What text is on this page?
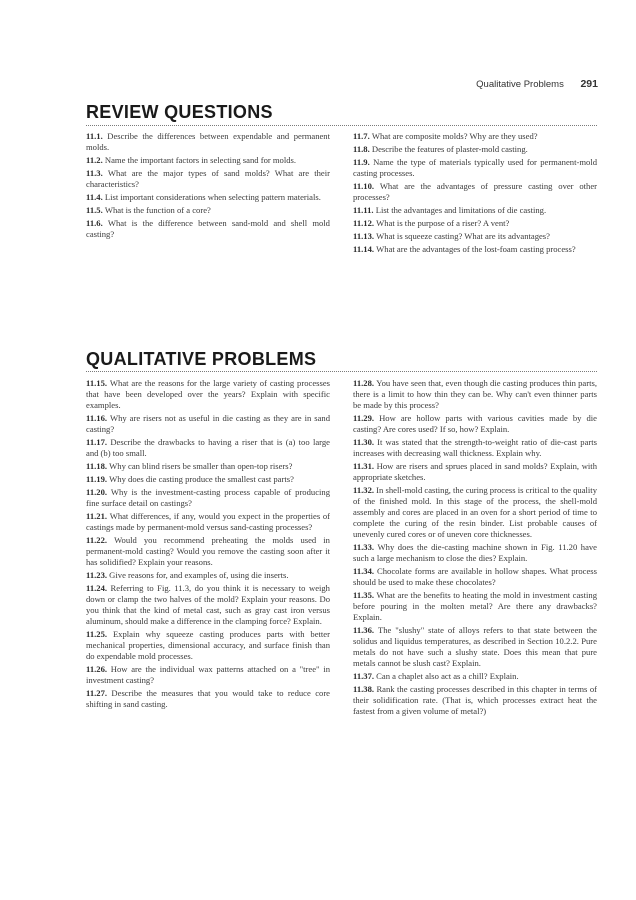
Qualitative Problems 291
REVIEW QUESTIONS

11.1. Describe the differences between expendable and permanent molds.

11.2. Name the important factors in selecting sand for molds.

11.3. What are the major types of sand molds? What are their characteristics?

11.4. List important considerations when selecting pattern materials.

11.5. What is the function of a core?

11.6. What is the difference between sand-mold and shell mold casting?

11.7. What are composite molds? Why are they used?

11.8. Describe the features of plaster-mold casting.

11.9. Name the type of materials typically used for permanent-mold casting processes.

11.10. What are the advantages of pressure casting over other processes?

11.11. List the advantages and limitations of die casting.

11.12. What is the purpose of a riser? A vent?

11.13. What is squeeze casting? What are its advantages?

11.14. What are the advantages of the lost-foam casting process?

QUALITATIVE PROBLEMS

11.15. What are the reasons for the large variety of casting processes that have been developed over the years? Explain with specific examples.

11.16. Why are risers not as useful in die casting as they are in sand casting?

11.17. Describe the drawbacks to having a riser that is (a) too large and (b) too small.

11.18. Why can blind risers be smaller than open-top risers?

11.19. Why does die casting produce the smallest cast parts?

11.20. Why is the investment-casting process capable of producing fine surface detail on castings?

11.21. What differences, if any, would you expect in the properties of castings made by permanent-mold versus sand-casting processes?

11.22. Would you recommend preheating the molds used in permanent-mold casting? Would you remove the casting soon after it has solidified? Explain your reasons.

11.23. Give reasons for, and examples of, using die inserts.

11.24. Referring to Fig. 11.3, do you think it is necessary to weigh down or clamp the two halves of the mold? Explain your reasons. Do you think that the kind of metal cast, such as gray cast iron versus aluminum, should make a difference in the clamping force? Explain.

11.25. Explain why squeeze casting produces parts with better mechanical properties, dimensional accuracy, and surface finish than do expendable mold processes.

11.26. How are the individual wax patterns attached on a "tree" in investment casting?

11.27. Describe the measures that you would take to reduce core shifting in sand casting.

11.28. You have seen that, even though die casting produces thin parts, there is a limit to how thin they can be. Why can't even thinner parts be made by this process?

11.29. How are hollow parts with various cavities made by die casting? Are cores used? If so, how? Explain.

11.30. It was stated that the strength-to-weight ratio of die-cast parts increases with decreasing wall thickness. Explain why.

11.31. How are risers and sprues placed in sand molds? Explain, with appropriate sketches.

11.32. In shell-mold casting, the curing process is critical to the quality of the finished mold. In this stage of the process, the shell-mold assembly and cores are placed in an oven for a short period of time to complete the curing of the resin binder. List probable causes of unevenly cured cores or of uneven core thicknesses.

11.33. Why does the die-casting machine shown in Fig. 11.20 have such a large mechanism to close the dies? Explain.

11.34. Chocolate forms are available in hollow shapes. What process should be used to make these chocolates?

11.35. What are the benefits to heating the mold in investment casting before pouring in the molten metal? Are there any drawbacks? Explain.

11.36. The "slushy" state of alloys refers to that state between the solidus and liquidus temperatures, as described in Section 10.2.2. Pure metals do not have such a slushy state. Does this mean that pure metals cannot be slush cast? Explain.

11.37. Can a chaplet also act as a chill? Explain.

11.38. Rank the casting processes described in this chapter in terms of their solidification rate. (That is, which processes extract heat the fastest from a given volume of metal?)
